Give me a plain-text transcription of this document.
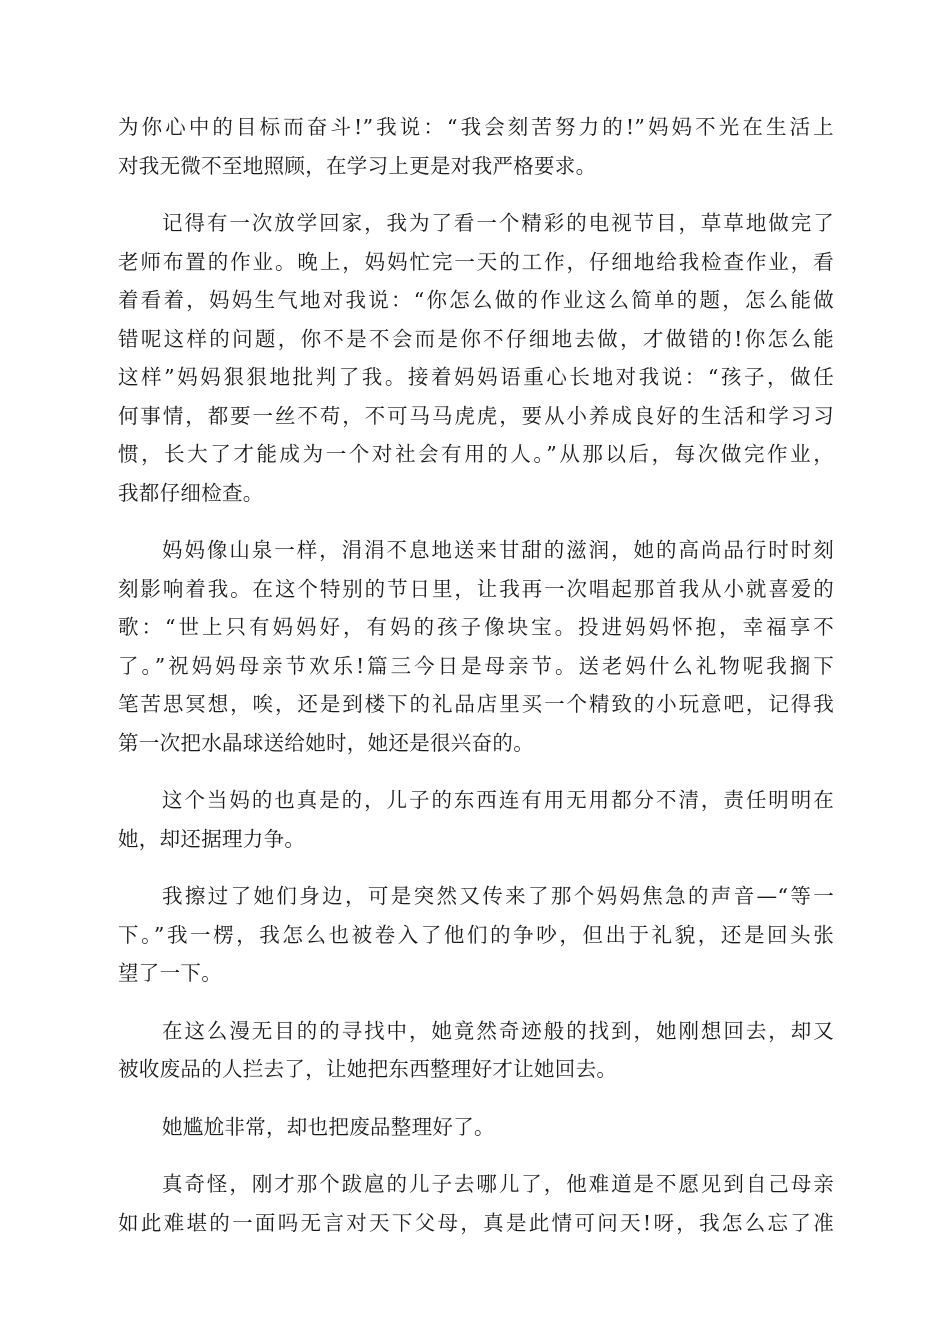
为你心中的目标而奋斗!”我说：“我会刻苦努力的!”妈妈不光在生活上
对我无微不至地照顾，在学习上更是对我严格要求。
记得有一次放学回家，我为了看一个精彩的电视节目，草草地做完了
老师布置的作业。晚上，妈妈忙完一天的工作，仔细地给我检查作业，看
着看着，妈妈生气地对我说：“你怎么做的作业这么简单的题，怎么能做
错呢这样的问题，你不是不会而是你不仔细地去做，才做错的!你怎么能
这样”妈妈狠狠地批判了我。接着妈妈语重心长地对我说：“孩子，做任
何事情，都要一丝不苟，不可马马虎虎，要从小养成良好的生活和学习习
惯，长大了才能成为一个对社会有用的人。”从那以后，每次做完作业，
我都仔细检查。
妈妈像山泉一样，涓涓不息地送来甘甜的滋润，她的高尚品行时时刻
刻影响着我。在这个特别的节日里，让我再一次唱起那首我从小就喜爱的
歌：“世上只有妈妈好，有妈的孩子像块宝。投进妈妈怀抱，幸福享不
了。”祝妈妈母亲节欢乐!篇三今日是母亲节。送老妈什么礼物呢我搁下
笔苦思冥想，唉，还是到楼下的礼品店里买一个精致的小玩意吧，记得我
第一次把水晶球送给她时，她还是很兴奋的。
这个当妈的也真是的，儿子的东西连有用无用都分不清，责任明明在
她，却还据理力争。
我擦过了她们身边，可是突然又传来了那个妈妈焦急的声音—“等一
下。”我一楞，我怎么也被卷入了他们的争吵，但出于礼貌，还是回头张
望了一下。
在这么漫无目的的寻找中，她竟然奇迹般的找到，她刚想回去，却又
被收废品的人拦去了，让她把东西整理好才让她回去。
她尴尬非常，却也把废品整理好了。
真奇怪，刚才那个跋扈的儿子去哪儿了，他难道是不愿见到自己母亲
如此难堪的一面吗无言对天下父母，真是此情可问天!呀，我怎么忘了准
